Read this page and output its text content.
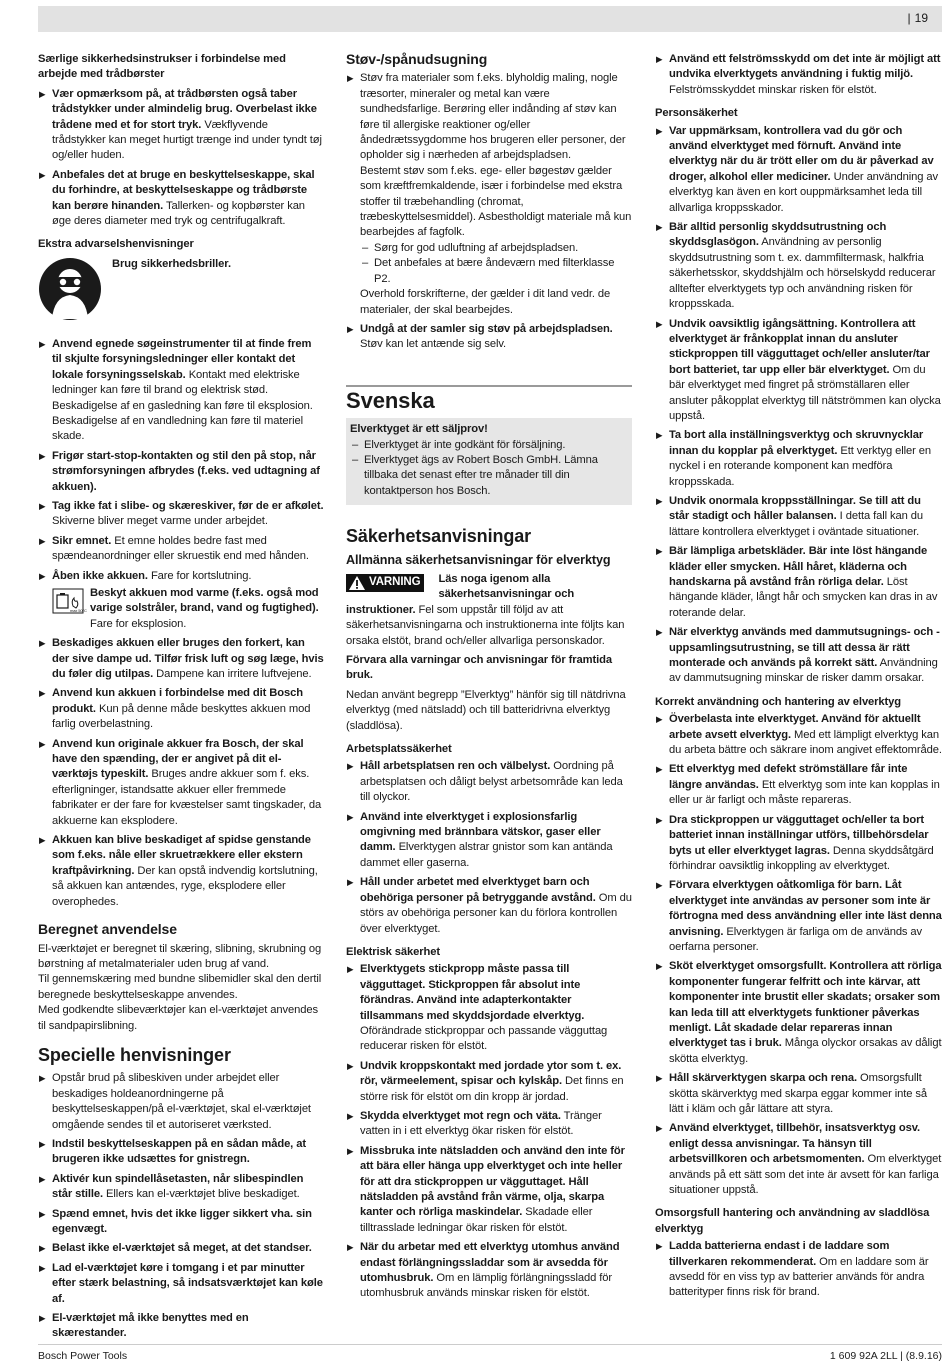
| 19
Særlige sikkerhedsinstrukser i forbindelse med arbejde med trådbørster
▶ Vær opmærksom på, at trådbørsten også taber trådstykker under almindelig brug. Overbelast ikke trådene med et for stort tryk. Vækflyvende trådstykker kan meget hurtigt trænge ind under tyndt tøj og/eller huden.
▶ Anbefales det at bruge en beskyttelseskappe, skal du forhindre, at beskyttelseskappe og trådbørste kan berøre hinanden. Tallerken- og kopbørster kan øge deres diameter med tryk og centrifugalkraft.
Ekstra advarselshenvisninger
Brug sikkerhedsbriller.
▶ Anvend egnede søgeinstrumenter til at finde frem til skjulte forsyningsledninger eller kontakt det lokale forsyningsselskab. Kontakt med elektriske ledninger kan føre til brand og elektrisk stød. Beskadigelse af en gasledning kan føre til eksplosion. Beskadigelse af en vandledning kan føre til materiel skade.
▶ Frigør start-stop-kontakten og stil den på stop, når strømforsyningen afbrydes (f.eks. ved udtagning af akkuen).
▶ Tag ikke fat i slibe- og skæreskiver, før de er afkølet. Skiverne bliver meget varme under arbejdet.
▶ Sikr emnet. Et emne holdes bedre fast med spændeanordninger eller skruestik end med hånden.
▶ Åben ikke akkuen. Fare for kortslutning.
max 50°C
Beskyt akkuen mod varme (f.eks. også mod varige solstråler, brand, vand og fugtighed). Fare for eksplosion.
▶ Beskadiges akkuen eller bruges den forkert, kan der sive dampe ud. Tilfør frisk luft og søg læge, hvis du føler dig utilpas. Dampene kan irritere luftvejene.
▶ Anvend kun akkuen i forbindelse med dit Bosch produkt. Kun på denne måde beskyttes akkuen mod farlig overbelastning.
▶ Anvend kun originale akkuer fra Bosch, der skal have den spænding, der er angivet på dit el-værktøjs typeskilt. Bruges andre akkuer som f. eks. efterligninger, istandsatte akkuer eller fremmede fabrikater er der fare for kvæstelser samt tingskader, da akkuerne kan eksplodere.
▶ Akkuen kan blive beskadiget af spidse genstande som f.eks. nåle eller skruetrækkere eller ekstern kraftpåvirkning. Der kan opstå indvendig kortslutning, så akkuen kan antændes, ryge, eksplodere eller overophedes.
Beregnet anvendelse
El-værktøjet er beregnet til skæring, slibning, skrubning og børstning af metalmaterialer uden brug af vand.
Til gennemskæring med bundne slibemidler skal den dertil beregnede beskyttelseskappe anvendes.
Med godkendte slibeværktøjer kan el-værktøjet anvendes til sandpapirslibning.
Specielle henvisninger
▶ Opstår brud på slibeskiven under arbejdet eller beskadiges holdeanordningerne på beskyttelseskappen/på el-værktøjet, skal el-værktøjet omgående sendes til et autoriseret værksted.
▶ Indstil beskyttelseskappen på en sådan måde, at brugeren ikke udsættes for gnistregn.
▶ Aktivér kun spindellåsetasten, når slibespindlen står stille. Ellers kan el-værktøjet blive beskadiget.
▶ Spænd emnet, hvis det ikke ligger sikkert vha. sin egenvægt.
▶ Belast ikke el-værktøjet så meget, at det standser.
▶ Lad el-værktøjet køre i tomgang i et par minutter efter stærk belastning, så indsatsværktøjet kan køle af.
▶ El-værktøjet må ikke benyttes med en skærestander.
Støv-/spånudsugning
▶ Støv fra materialer som f.eks. blyholdig maling, nogle træsorter, mineraler og metal kan være sundhedsfarlige. Berøring eller indånding af støv kan føre til allergiske reaktioner og/eller åndedrætssygdomme hos brugeren eller personer, der opholder sig i nærheden af arbejdspladsen.
Bestemt støv som f.eks. ege- eller bøgestøv gælder som kræftfremkaldende, især i forbindelse med ekstra stoffer til træbehandling (chromat, træbeskyttelsesmiddel). Asbestholdigt materiale må kun bearbejdes af fagfolk.
– Sørg for god udluftning af arbejdspladsen.
– Det anbefales at bære åndeværn med filterklasse P2.
Overhold forskrifterne, der gælder i dit land vedr. de materialer, der skal bearbejdes.
▶ Undgå at der samler sig støv på arbejdspladsen. Støv kan let antænde sig selv.
Svenska
Elverktyget är ett säljprov!
– Elverktyget är inte godkänt för försäljning.
– Elverktyget ägs av Robert Bosch GmbH. Lämna tillbaka det senast efter tre månader till din kontaktperson hos Bosch.
Säkerhetsanvisningar
Allmänna säkerhetsanvisningar för elverktyg
VARNING Läs noga igenom alla säkerhetsanvisningar och instruktioner. Fel som uppstår till följd av att säkerhetsanvisningarna och instruktionerna inte följts kan orsaka elstöt, brand och/eller allvarliga personskador.
Förvara alla varningar och anvisningar för framtida bruk.
Nedan använt begrepp ”Elverktyg” hänför sig till nätdrivna elverktyg (med nätsladd) och till batteridrivna elverktyg (sladdlösa).
Arbetsplatssäkerhet
▶ Håll arbetsplatsen ren och välbelyst. Oordning på arbetsplatsen och dåligt belyst arbetsområde kan leda till olyckor.
▶ Använd inte elverktyget i explosionsfarlig omgivning med brännbara vätskor, gaser eller damm. Elverktygen alstrar gnistor som kan antända dammet eller gaserna.
▶ Håll under arbetet med elverktyget barn och obehöriga personer på betryggande avstånd. Om du störs av obehöriga personer kan du förlora kontrollen över elverktyget.
Elektrisk säkerhet
▶ Elverktygets stickpropp måste passa till vägguttaget. Stickproppen får absolut inte förändras. Använd inte adapterkontakter tillsammans med skyddsjordade elverktyg. Oförändrade stickproppar och passande vägguttag reducerar risken för elstöt.
▶ Undvik kroppskontakt med jordade ytor som t. ex. rör, värmeelement, spisar och kylskåp. Det finns en större risk för elstöt om din kropp är jordad.
▶ Skydda elverktyget mot regn och väta. Tränger vatten in i ett elverktyg ökar risken för elstöt.
▶ Missbruka inte nätsladden och använd den inte för att bära eller hänga upp elverktyget och inte heller för att dra stickproppen ur vägguttaget. Håll nätsladden på avstånd från värme, olja, skarpa kanter och rörliga maskindelar. Skadade eller tilltrasslade ledningar ökar risken för elstöt.
▶ När du arbetar med ett elverktyg utomhus använd endast förlängningssladdar som är avsedda för utomhusbruk. Om en lämplig förlängningssladd för utomhusbruk används minskar risken för elstöt.
▶ Använd ett felströmsskydd om det inte är möjligt att undvika elverktygets användning i fuktig miljö. Felströmsskyddet minskar risken för elstöt.
Personsäkerhet
▶ Var uppmärksam, kontrollera vad du gör och använd elverktyget med förnuft. Använd inte elverktyg när du är trött eller om du är påverkad av droger, alkohol eller mediciner. Under användning av elverktyg kan även en kort ouppmärksamhet leda till allvarliga kroppsskador.
▶ Bär alltid personlig skyddsutrustning och skyddsglasögon. Användning av personlig skyddsutrustning som t. ex. dammfiltermask, halkfria säkerhetsskor, skyddshjälm och hörselskydd reducerar alltefter elverktygets typ och användning risken för kroppsskada.
▶ Undvik oavsiktlig igångsättning. Kontrollera att elverktyget är frånkopplat innan du ansluter stickproppen till vägguttaget och/eller ansluter/tar bort batteriet, tar upp eller bär elverktyget. Om du bär elverktyget med fingret på strömställaren eller ansluter påkopplat elverktyg till nätströmmen kan olycka uppstå.
▶ Ta bort alla inställningsverktyg och skruvnycklar innan du kopplar på elverktyget. Ett verktyg eller en nyckel i en roterande komponent kan medföra kroppsskada.
▶ Undvik onormala kroppsställningar. Se till att du står stadigt och håller balansen. I detta fall kan du lättare kontrollera elverktyget i oväntade situationer.
▶ Bär lämpliga arbetskläder. Bär inte löst hängande kläder eller smycken. Håll håret, kläderna och handskarna på avstånd från rörliga delar. Löst hängande kläder, långt hår och smycken kan dras in av roterande delar.
▶ När elverktyg används med dammutsugnings- och -uppsamlingsutrustning, se till att dessa är rätt monterade och används på korrekt sätt. Användning av dammutsugning minskar de risker damm orsakar.
Korrekt användning och hantering av elverktyg
▶ Överbelasta inte elverktyget. Använd för aktuellt arbete avsett elverktyg. Med ett lämpligt elverktyg kan du arbeta bättre och säkrare inom angivet effektområde.
▶ Ett elverktyg med defekt strömställare får inte längre användas. Ett elverktyg som inte kan kopplas in eller ur är farligt och måste repareras.
▶ Dra stickproppen ur vägguttaget och/eller ta bort batteriet innan inställningar utförs, tillbehörsdelar byts ut eller elverktyget lagras. Denna skyddsåtgärd förhindrar oavsiktlig inkoppling av elverktyget.
▶ Förvara elverktygen oåtkomliga för barn. Låt elverktyget inte användas av personer som inte är förtrogna med dess användning eller inte läst denna anvisning. Elverktygen är farliga om de används av oerfarna personer.
▶ Sköt elverktyget omsorgsfullt. Kontrollera att rörliga komponenter fungerar felfritt och inte kärvar, att komponenter inte brustit eller skadats; orsaker som kan leda till att elverktygets funktioner påverkas menligt. Låt skadade delar repareras innan elverktyget tas i bruk. Många olyckor orsakas av dåligt skötta elverktyg.
▶ Håll skärverktygen skarpa och rena. Omsorgsfullt skötta skärverktyg med skarpa eggar kommer inte så lätt i kläm och går lättare att styra.
▶ Använd elverktyget, tillbehör, insatsverktyg osv. enligt dessa anvisningar. Ta hänsyn till arbetsvillkoren och arbetsmomenten. Om elverktyget används på ett sätt som det inte är avsett för kan farliga situationer uppstå.
Omsorgsfull hantering och användning av sladdlösa elverktyg
▶ Ladda batterierna endast i de laddare som tillverkaren rekommenderat. Om en laddare som är avsedd för en viss typ av batterier används för andra batterityper finns risk för brand.
Bosch Power Tools	1 609 92A 2LL | (8.9.16)
